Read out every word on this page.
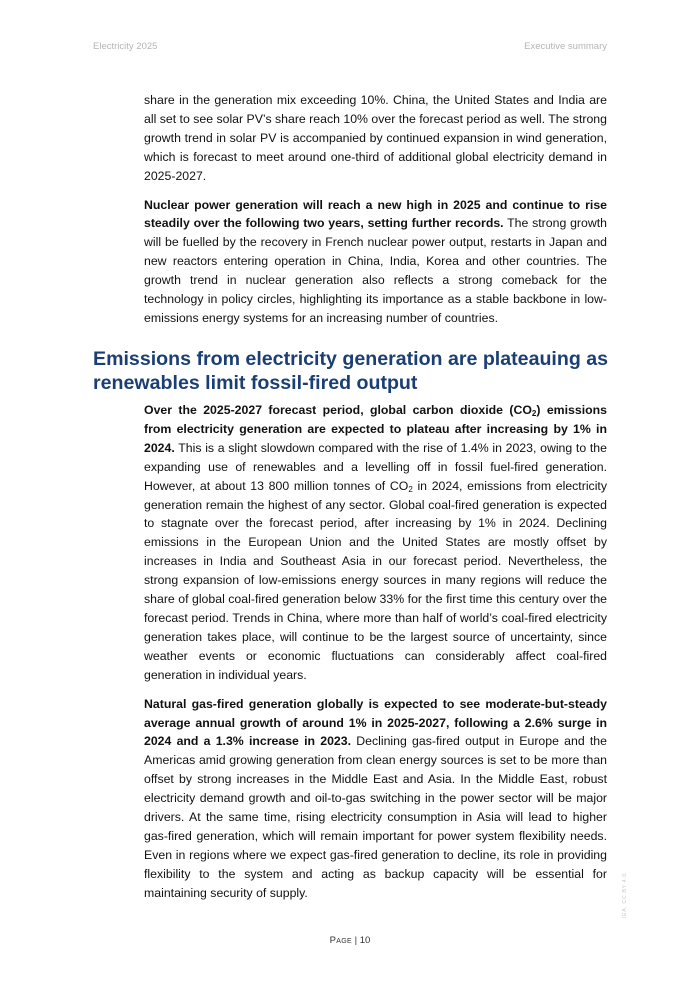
Electricity 2025	Executive summary

share in the generation mix exceeding 10%. China, the United States and India are all set to see solar PV’s share reach 10% over the forecast period as well. The strong growth trend in solar PV is accompanied by continued expansion in wind generation, which is forecast to meet around one-third of additional global electricity demand in 2025-2027.

Nuclear power generation will reach a new high in 2025 and continue to rise steadily over the following two years, setting further records. The strong growth will be fuelled by the recovery in French nuclear power output, restarts in Japan and new reactors entering operation in China, India, Korea and other countries. The growth trend in nuclear generation also reflects a strong comeback for the technology in policy circles, highlighting its importance as a stable backbone in low-emissions energy systems for an increasing number of countries.

Emissions from electricity generation are plateauing as renewables limit fossil-fired output

Over the 2025-2027 forecast period, global carbon dioxide $(CO_2)$ emissions from electricity generation are expected to plateau after increasing by 1% in 2024. This is a slight slowdown compared with the rise of 1.4% in 2023, owing to the expanding use of renewables and a levelling off in fossil fuel-fired generation. However, at about 13 800 million tonnes of $CO_2$ in 2024, emissions from electricity generation remain the highest of any sector. Global coal-fired generation is expected to stagnate over the forecast period, after increasing by 1% in 2024. Declining emissions in the European Union and the United States are mostly offset by increases in India and Southeast Asia in our forecast period. Nevertheless, the strong expansion of low-emissions energy sources in many regions will reduce the share of global coal-fired generation below 33% for the first time this century over the forecast period. Trends in China, where more than half of world’s coal-fired electricity generation takes place, will continue to be the largest source of uncertainty, since weather events or economic fluctuations can considerably affect coal-fired generation in individual years.

Natural gas-fired generation globally is expected to see moderate-but-steady average annual growth of around 1% in 2025-2027, following a 2.6% surge in 2024 and a 1.3% increase in 2023. Declining gas-fired output in Europe and the Americas amid growing generation from clean energy sources is set to be more than offset by strong increases in the Middle East and Asia. In the Middle East, robust electricity demand growth and oil-to-gas switching in the power sector will be major drivers. At the same time, rising electricity consumption in Asia will lead to higher gas-fired generation, which will remain important for power system flexibility needs. Even in regions where we expect gas-fired generation to decline, its role in providing flexibility to the system and acting as backup capacity will be essential for maintaining security of supply.

Page | 10
IEA. CC BY 4.0.
